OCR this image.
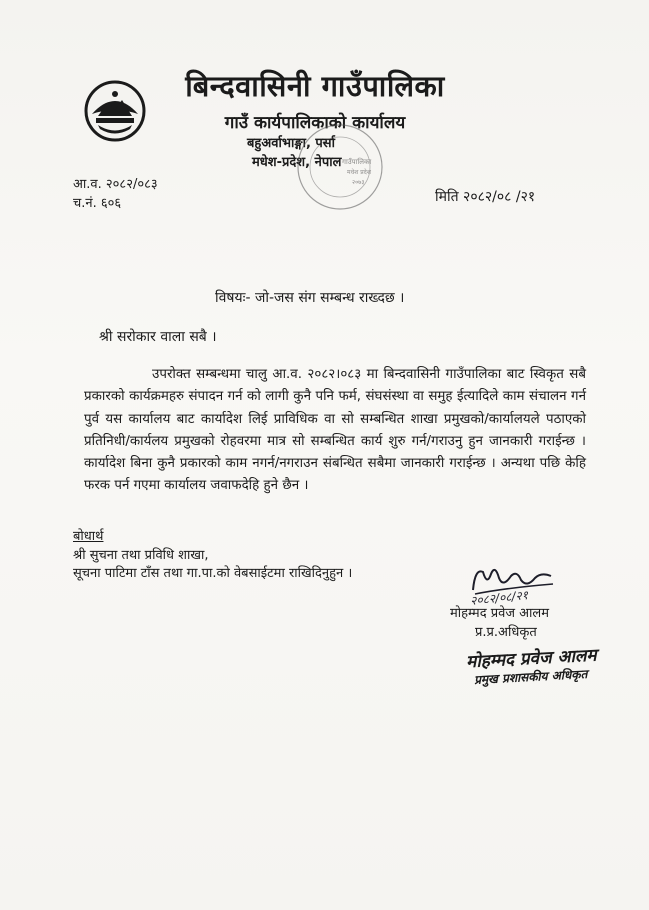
बिन्दवासिनी गाउँपालिका
गाउँ कार्यपालिकाको कार्यालय
बहुअर्वाभाङ्गा, पर्सा
मधेश-प्रदेश, नेपाल गाउँपालिका
मधेश प्रदेश
२०७३
आ.व. २०८२/०८३
च.नं. ६०६	मिति २०८२/०८ /२१
विषयः- जो-जस संग सम्बन्ध राख्दछ ।
श्री सरोकार वाला सबै ।
उपरोक्त सम्बन्धमा चालु आ.व. २०८२।०८३ मा बिन्दवासिनी गाउँपालिका बाट स्विकृत सबै प्रकारको कार्यक्रमहरु संपादन गर्न को लागी कुनै पनि फर्म, संघसंस्था वा समुह ईत्यादिले काम संचालन गर्न पुर्व यस कार्यालय बाट कार्यादेश लिई प्राविधिक वा सो सम्बन्धित शाखा प्रमुखको/कार्यालयले पठाएको प्रतिनिधी/कार्यलय प्रमुखको रोहवरमा मात्र सो सम्बन्धित कार्य शुरु गर्न/गराउनु हुन जानकारी गराईन्छ । कार्यादेश बिना कुनै प्रकारको काम नगर्न/नगराउन संबन्धित सबैमा जानकारी गराईन्छ । अन्यथा पछि केहि फरक पर्न गएमा कार्यालय जवाफदेहि हुने छैन ।
बोधार्थ
श्री सुचना तथा प्रविधि शाखा,
सूचना पाटिमा टाँस तथा गा.पा.को वेबसाईटमा राखिदिनुहुन ।
२०८२/०८/२१
मोहम्मद प्रवेज आलम
प्र.प्र.अधिकृत
मोहम्मद प्रवेज आलम
प्रमुख प्रशासकीय अधिकृत
